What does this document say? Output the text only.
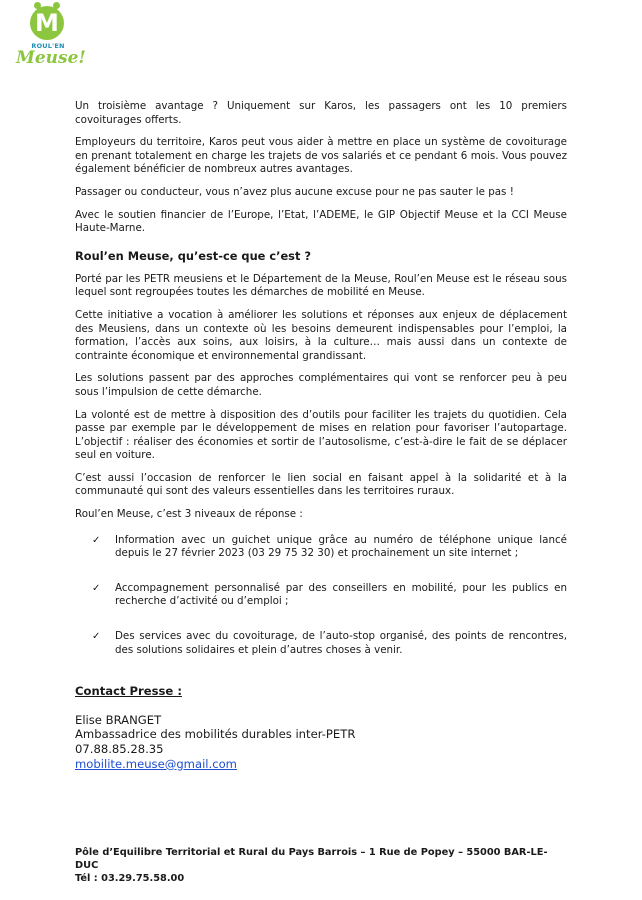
M
ROUL'EN
Meuse!

Un troisième avantage ? Uniquement sur Karos, les passagers ont les 10 premiers covoiturages offerts.

Employeurs du territoire, Karos peut vous aider à mettre en place un système de covoiturage en prenant totalement en charge les trajets de vos salariés et ce pendant 6 mois. Vous pouvez également bénéficier de nombreux autres avantages.

Passager ou conducteur, vous n’avez plus aucune excuse pour ne pas sauter le pas !

Avec le soutien financier de l’Europe, l’Etat, l’ADEME, le GIP Objectif Meuse et la CCI Meuse Haute-Marne.

Roul’en Meuse, qu’est-ce que c’est ?

Porté par les PETR meusiens et le Département de la Meuse, Roul’en Meuse est le réseau sous lequel sont regroupées toutes les démarches de mobilité en Meuse.

Cette initiative a vocation à améliorer les solutions et réponses aux enjeux de déplacement des Meusiens, dans un contexte où les besoins demeurent indispensables pour l’emploi, la formation, l’accès aux soins, aux loisirs, à la culture… mais aussi dans un contexte de contrainte économique et environnemental grandissant.

Les solutions passent par des approches complémentaires qui vont se renforcer peu à peu sous l’impulsion de cette démarche.

La volonté est de mettre à disposition des d’outils pour faciliter les trajets du quotidien. Cela passe par exemple par le développement de mises en relation pour favoriser l’autopartage. L’objectif : réaliser des économies et sortir de l’autosolisme, c’est-à-dire le fait de se déplacer seul en voiture.

C’est aussi l’occasion de renforcer le lien social en faisant appel à la solidarité et à la communauté qui sont des valeurs essentielles dans les territoires ruraux.

Roul’en Meuse, c’est 3 niveaux de réponse :

✓ Information avec un guichet unique grâce au numéro de téléphone unique lancé depuis le 27 février 2023 (03 29 75 32 30) et prochainement un site internet ;
✓ Accompagnement personnalisé par des conseillers en mobilité, pour les publics en recherche d’activité ou d’emploi ;
✓ Des services avec du covoiturage, de l’auto-stop organisé, des points de rencontres, des solutions solidaires et plein d’autres choses à venir.
Contact Presse :
Elise BRANGET
Ambassadrice des mobilités durables inter-PETR
07.88.85.28.35
mobilite.meuse@gmail.com
Pôle d’Equilibre Territorial et Rural du Pays Barrois – 1 Rue de Popey – 55000 BAR-LE-DUC
Tél : 03.29.75.58.00
